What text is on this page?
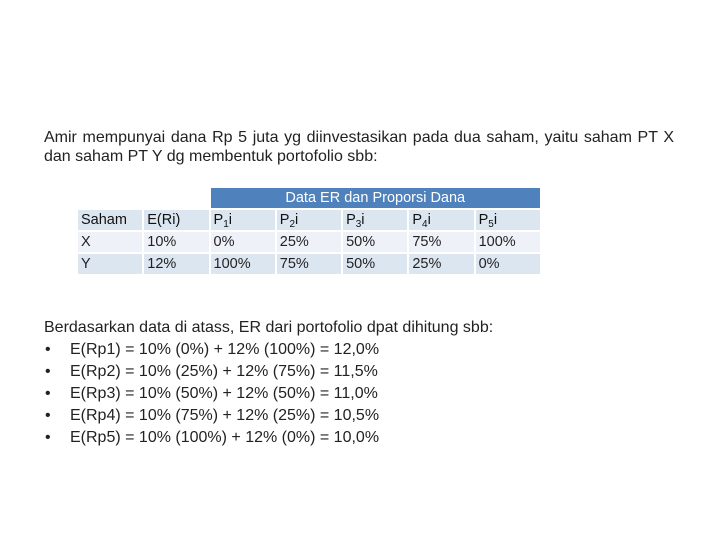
Amir mempunyai dana Rp 5 juta yg diinvestasikan pada dua saham, yaitu saham PT X dan saham PT Y dg membentuk portofolio sbb:

		Data ER dan Proporsi Dana				
Saham	E(Ri)	$P_1i$	$P_2i$	$P_3i$	$P_4i$	$P_5i$
X	10%	0%	25%	50%	75%	100%
Y	12%	100%	75%	50%	25%	0%
Berdasarkan data di atass, ER dari portofolio dpat dihitung sbb:
• E(Rp1) = 10% (0%) + 12% (100%) = 12,0%
• E(Rp2) = 10% (25%) + 12% (75%) = 11,5%
• E(Rp3) = 10% (50%) + 12% (50%) = 11,0%
• E(Rp4) = 10% (75%) + 12% (25%) = 10,5%
• E(Rp5) = 10% (100%) + 12% (0%) = 10,0%
